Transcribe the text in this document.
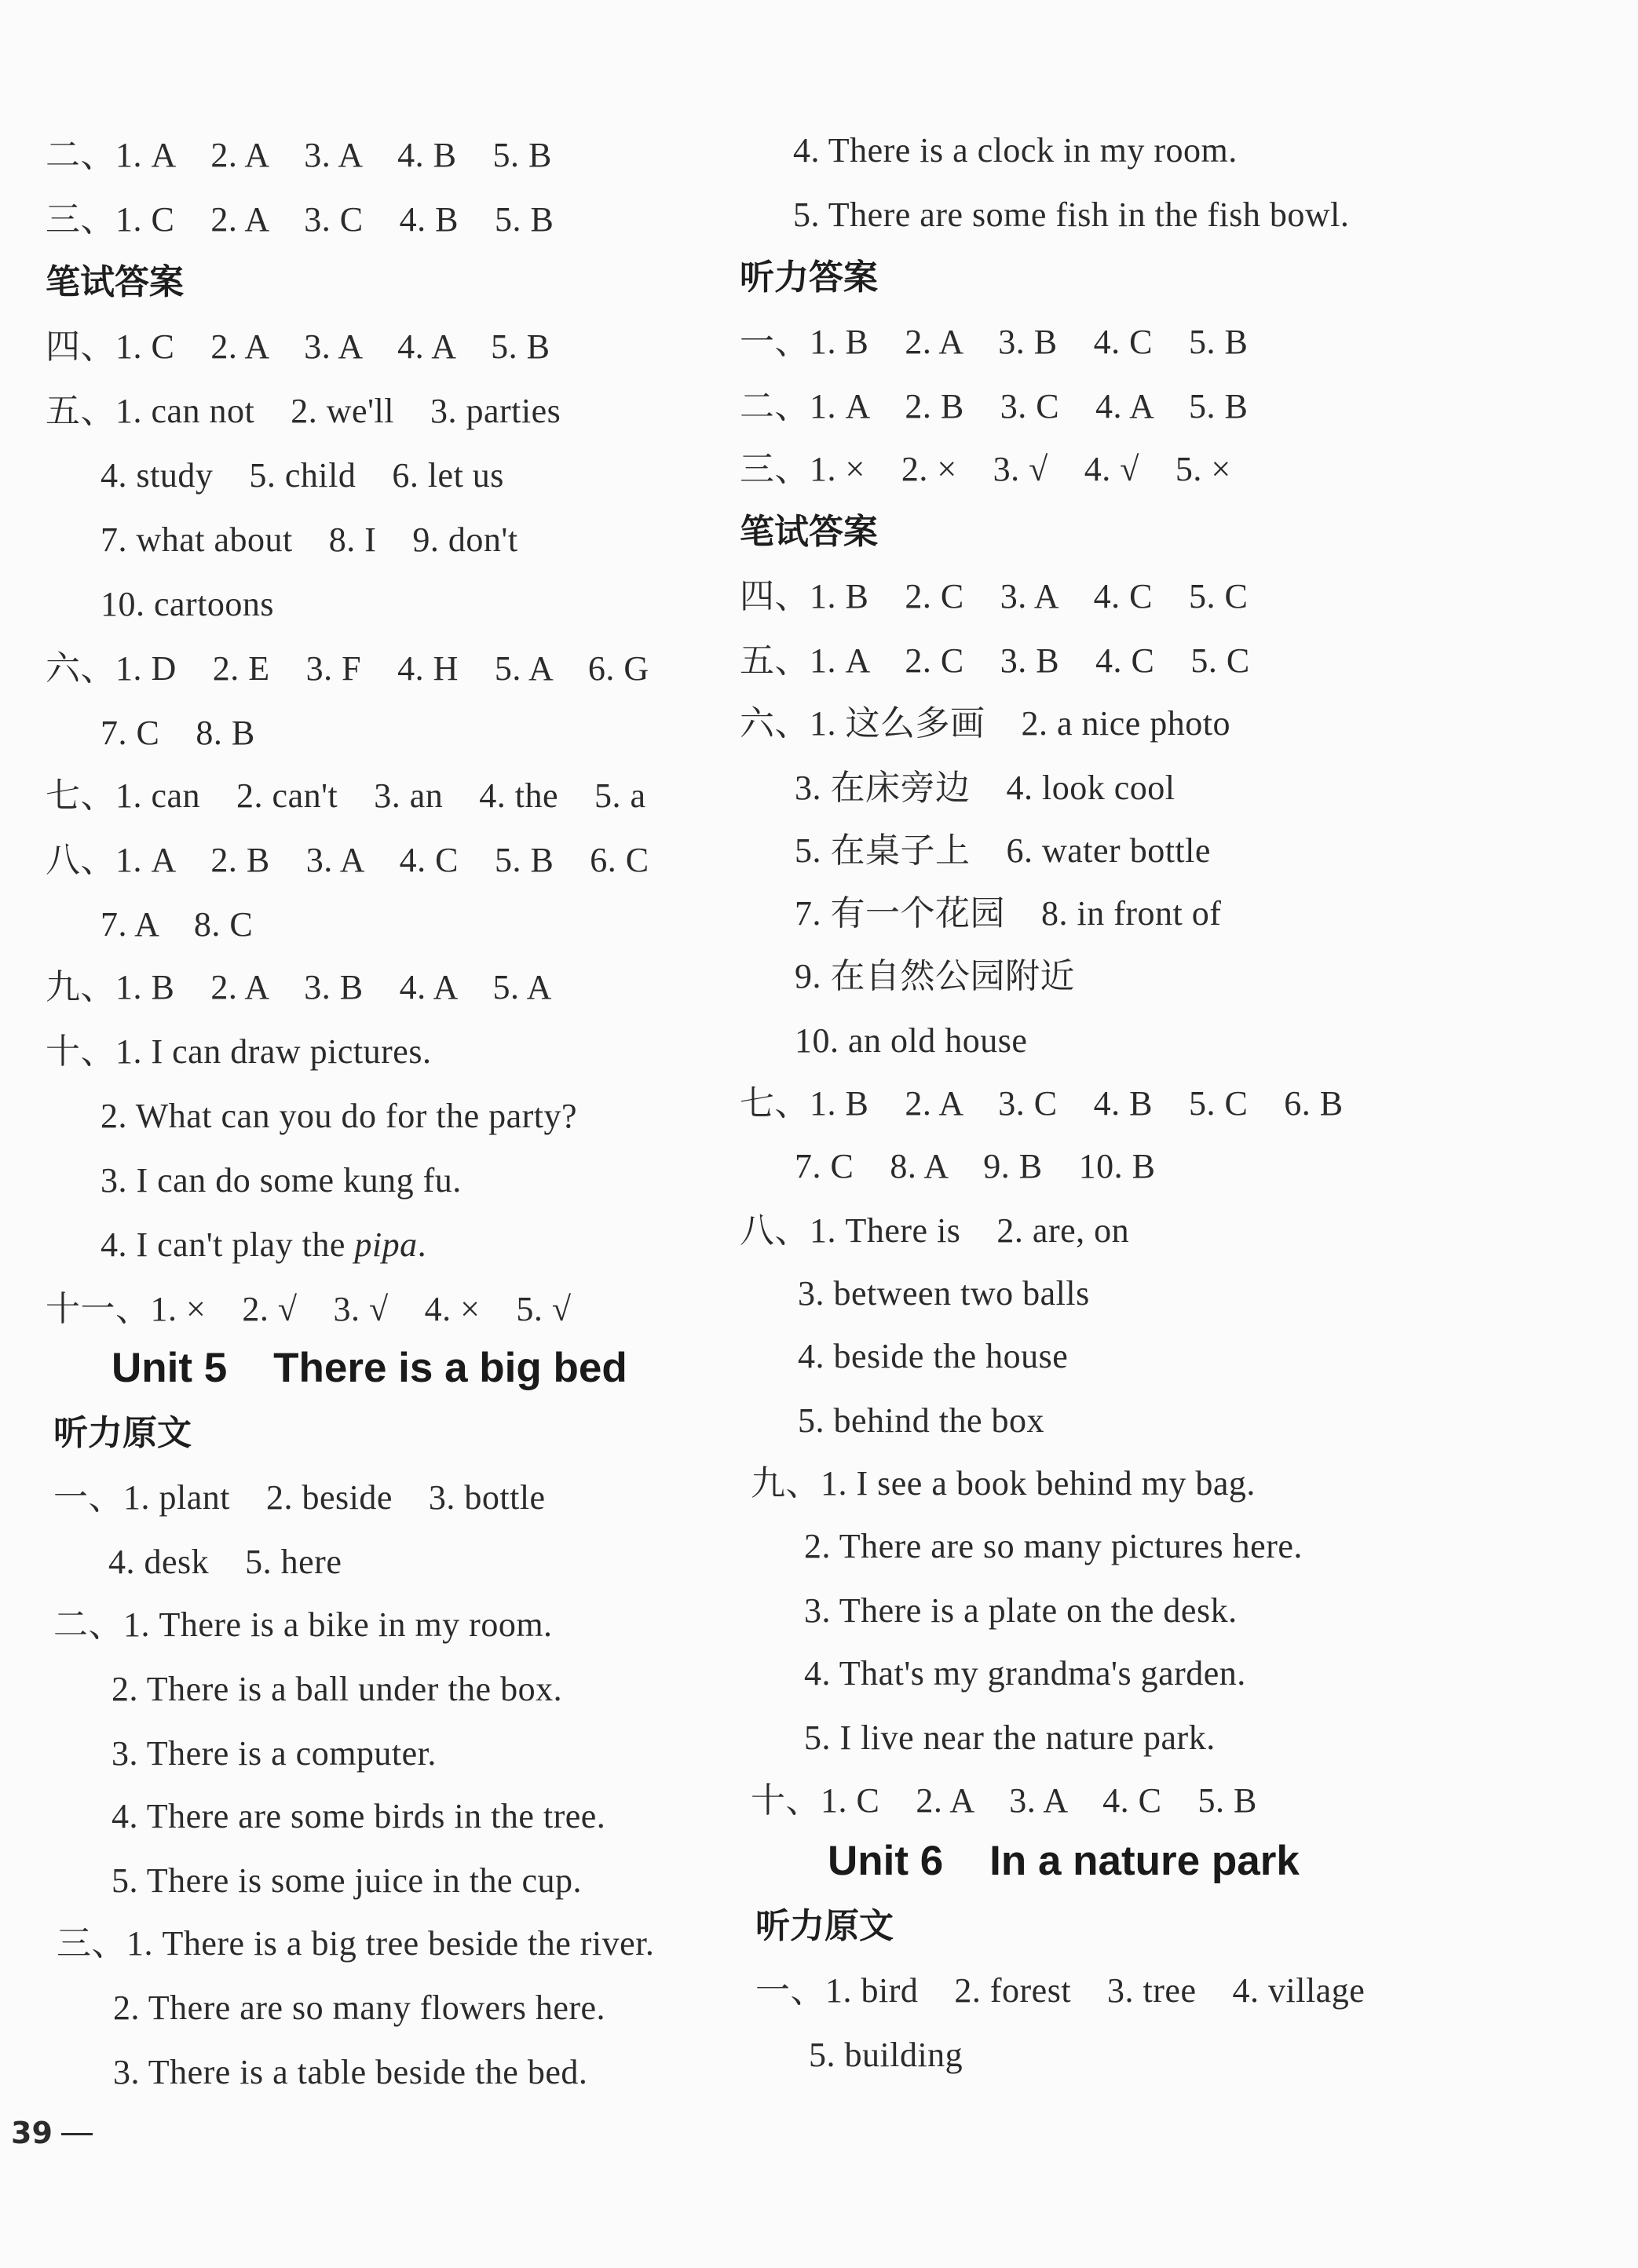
二、1. A    2. A    3. A    4. B    5. B
三、1. C    2. A    3. C    4. B    5. B
笔试答案
四、1. C    2. A    3. A    4. A    5. B
五、1. can not    2. we'll    3. parties
4. study    5. child    6. let us
7. what about    8. I    9. don't
10. cartoons
六、1. D    2. E    3. F    4. H    5. A    6. G
7. C    8. B
七、1. can    2. can't    3. an    4. the    5. a
八、1. A    2. B    3. A    4. C    5. B    6. C
7. A    8. C
九、1. B    2. A    3. B    4. A    5. A
十、1. I can draw pictures.
2. What can you do for the party?
3. I can do some kung fu.
4. I can't play the pipa.
十一、1. ×    2. √    3. √    4. ×    5. √
Unit 5    There is a big bed
听力原文
一、1. plant    2. beside    3. bottle
4. desk    5. here
二、1. There is a bike in my room.
2. There is a ball under the box.
3. There is a computer.
4. There are some birds in the tree.
5. There is some juice in the cup.
三、1. There is a big tree beside the river.
2. There are so many flowers here.
3. There is a table beside the bed.
4. There is a clock in my room.
5. There are some fish in the fish bowl.
听力答案
一、1. B    2. A    3. B    4. C    5. B
二、1. A    2. B    3. C    4. A    5. B
三、1. ×    2. ×    3. √    4. √    5. ×
笔试答案
四、1. B    2. C    3. A    4. C    5. C
五、1. A    2. C    3. B    4. C    5. C
六、1. 这么多画    2. a nice photo
3. 在床旁边    4. look cool
5. 在桌子上    6. water bottle
7. 有一个花园    8. in front of
9. 在自然公园附近
10. an old house
七、1. B    2. A    3. C    4. B    5. C    6. B
7. C    8. A    9. B    10. B
八、1. There is    2. are, on
3. between two balls
4. beside the house
5. behind the box
九、1. I see a book behind my bag.
2. There are so many pictures here.
3. There is a plate on the desk.
4. That's my grandma's garden.
5. I live near the nature park.
十、1. C    2. A    3. A    4. C    5. B
Unit 6    In a nature park
听力原文
一、1. bird    2. forest    3. tree    4. village
5. building
39
